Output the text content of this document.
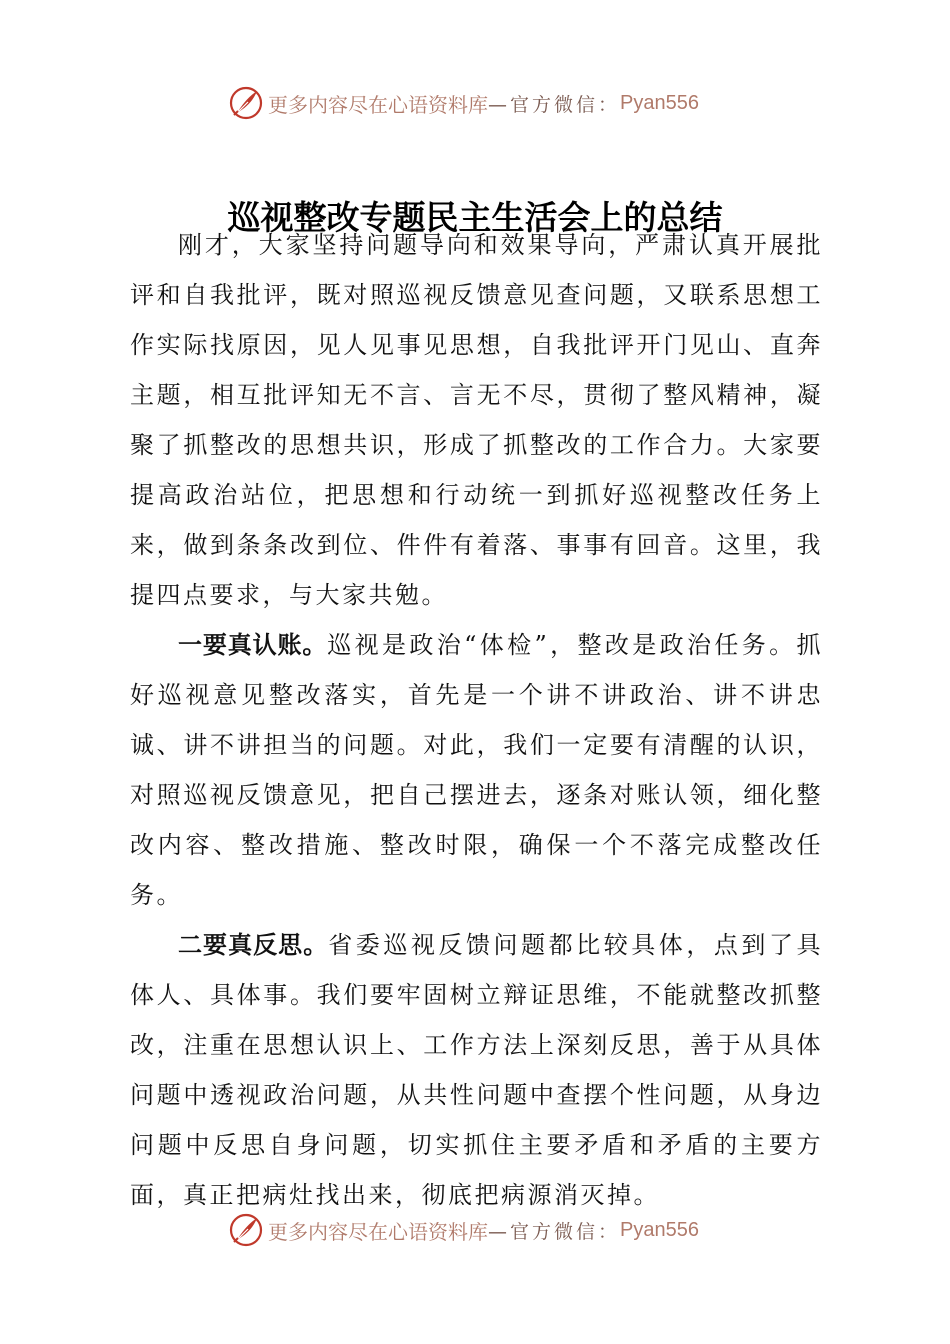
更多内容尽在心语资料库 —官方微信： Pyan556
巡视整改专题民主生活会上的总结

刚才，大家坚持问题导向和效果导向，严肃认真开展批评和自我批评，既对照巡视反馈意见查问题，又联系思想工作实际找原因，见人见事见思想，自我批评开门见山、直奔主题，相互批评知无不言、言无不尽，贯彻了整风精神，凝聚了抓整改的思想共识，形成了抓整改的工作合力。大家要提高政治站位，把思想和行动统一到抓好巡视整改任务上来，做到条条改到位、件件有着落、事事有回音。这里，我提四点要求，与大家共勉。

一要真认账。巡视是政治“体检”，整改是政治任务。抓好巡视意见整改落实，首先是一个讲不讲政治、讲不讲忠诚、讲不讲担当的问题。对此，我们一定要有清醒的认识，对照巡视反馈意见，把自己摆进去，逐条对账认领，细化整改内容、整改措施、整改时限，确保一个不落完成整改任务。

二要真反思。省委巡视反馈问题都比较具体，点到了具体人、具体事。我们要牢固树立辩证思维，不能就整改抓整改，注重在思想认识上、工作方法上深刻反思，善于从具体问题中透视政治问题，从共性问题中查摆个性问题，从身边问题中反思自身问题，切实抓住主要矛盾和矛盾的主要方面，真正把病灶找出来，彻底把病源消灭掉。

更多内容尽在心语资料库 —官方微信： Pyan556
